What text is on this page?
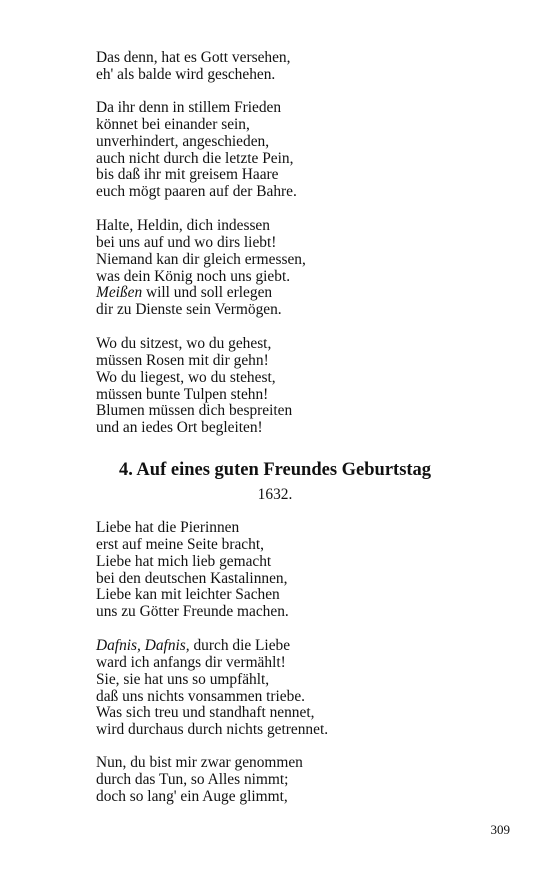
Das denn, hat es Gott versehen,
eh' als balde wird geschehen.
Da ihr denn in stillem Frieden
könnet bei einander sein,
unverhindert, angeschieden,
auch nicht durch die letzte Pein,
bis daß ihr mit greisem Haare
euch mögt paaren auf der Bahre.
Halte, Heldin, dich indessen
bei uns auf und wo dirs liebt!
Niemand kan dir gleich ermessen,
was dein König noch uns giebt.
Meißen will und soll erlegen
dir zu Dienste sein Vermögen.
Wo du sitzest, wo du gehest,
müssen Rosen mit dir gehn!
Wo du liegest, wo du stehest,
müssen bunte Tulpen stehn!
Blumen müssen dich bespreiten
und an iedes Ort begleiten!
4. Auf eines guten Freundes Geburtstag
1632.
Liebe hat die Pierinnen
erst auf meine Seite bracht,
Liebe hat mich lieb gemacht
bei den deutschen Kastalinnen,
Liebe kan mit leichter Sachen
uns zu Götter Freunde machen.
Dafnis, Dafnis, durch die Liebe
ward ich anfangs dir vermählt!
Sie, sie hat uns so umpfählt,
daß uns nichts vonsammen triebe.
Was sich treu und standhaft nennet,
wird durchaus durch nichts getrennet.
Nun, du bist mir zwar genommen
durch das Tun, so Alles nimmt;
doch so lang' ein Auge glimmt,
309
